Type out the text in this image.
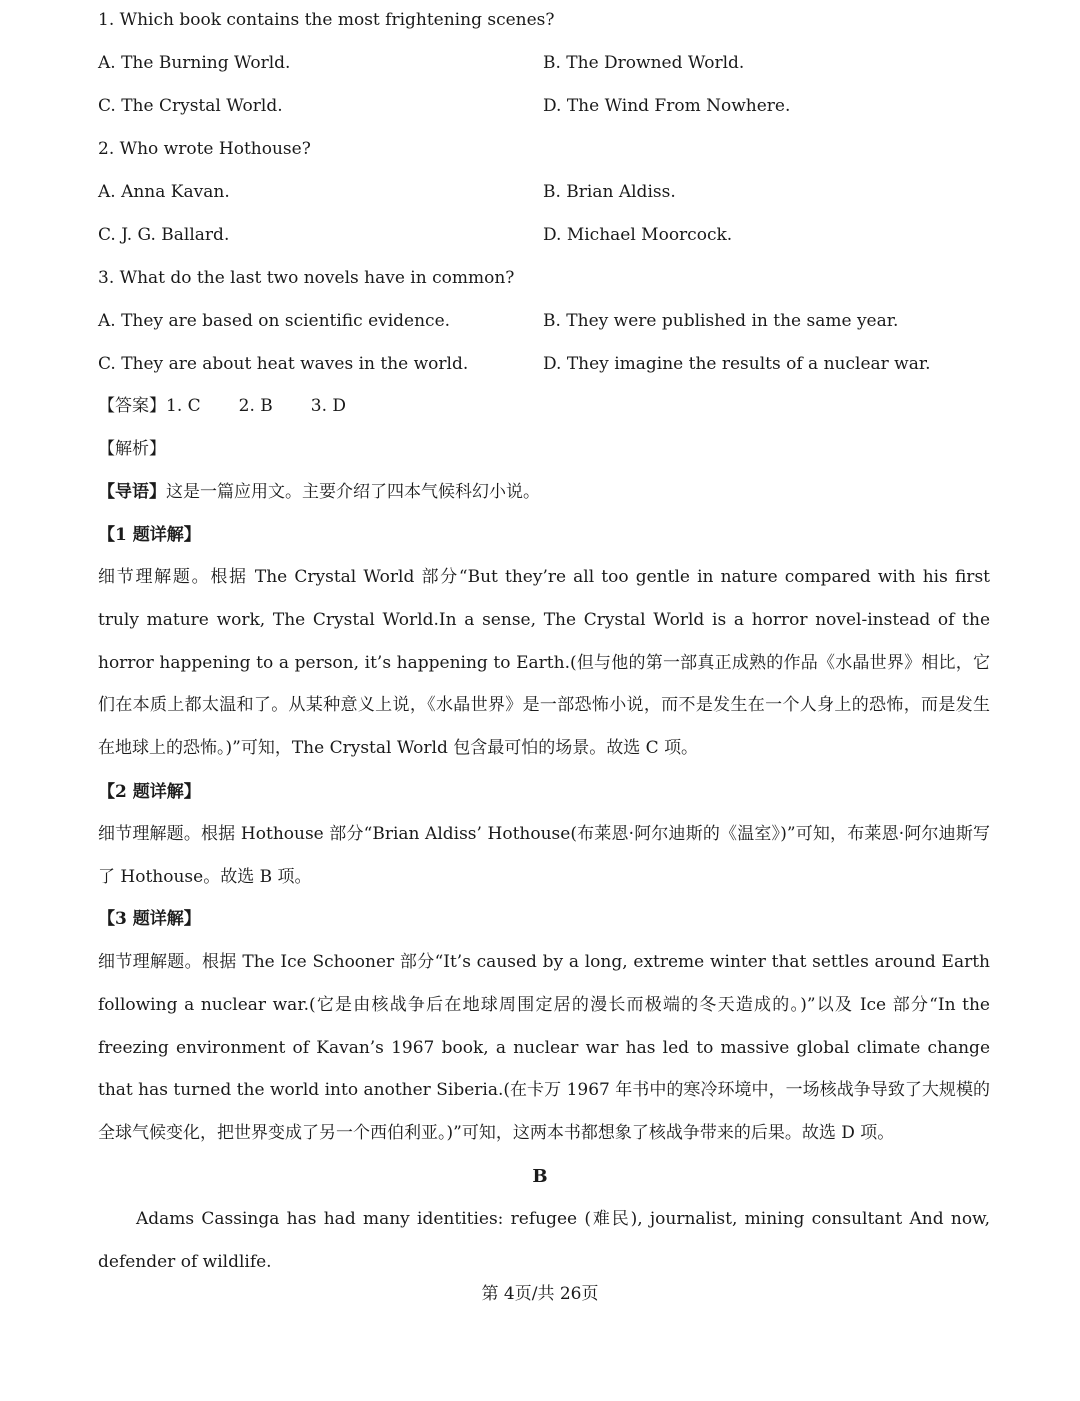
1. Which book contains the most frightening scenes?
A. The Burning World.	B. The Drowned World.
C. The Crystal World.	D. The Wind From Nowhere.
2. Who wrote Hothouse?
A. Anna Kavan.	B. Brian Aldiss.
C. J. G. Ballard.	D. Michael Moorcock.
3. What do the last two novels have in common?
A. They are based on scientific evidence.	B. They were published in the same year.
C. They are about heat waves in the world.	D. They imagine the results of a nuclear war.
【答案】1. C 2. B 3. D
【解析】
【导语】这是一篇应用文。主要介绍了四本气候科幻小说。
【1 题详解】
细节理解题。根据 The Crystal World 部分“But they’re all too gentle in nature compared with his first truly mature work, The Crystal World.In a sense, The Crystal World is a horror novel-instead of the horror happening to a person, it’s happening to Earth.(但与他的第一部真正成熟的作品《水晶世界》相比，它们在本质上都太温和了。从某种意义上说，《水晶世界》是一部恐怖小说，而不是发生在一个人身上的恐怖，而是发生在地球上的恐怖。)”可知，The Crystal World 包含最可怕的场景。故选 C 项。
【2 题详解】
细节理解题。根据 Hothouse 部分“Brian Aldiss’ Hothouse(布莱恩·阿尔迪斯的《温室》)”可知，布莱恩·阿尔迪斯写了 Hothouse。故选 B 项。
【3 题详解】
细节理解题。根据 The Ice Schooner 部分“It’s caused by a long, extreme winter that settles around Earth following a nuclear war.(它是由核战争后在地球周围定居的漫长而极端的冬天造成的。)”以及 Ice 部分“In the freezing environment of Kavan’s 1967 book, a nuclear war has led to massive global climate change that has turned the world into another Siberia.(在卡万 1967 年书中的寒冷环境中，一场核战争导致了大规模的全球气候变化，把世界变成了另一个西伯利亚。)”可知，这两本书都想象了核战争带来的后果。故选 D 项。
B
Adams Cassinga has had many identities: refugee (难民), journalist, mining consultant And now, defender of wildlife.
第 4页/共 26页
